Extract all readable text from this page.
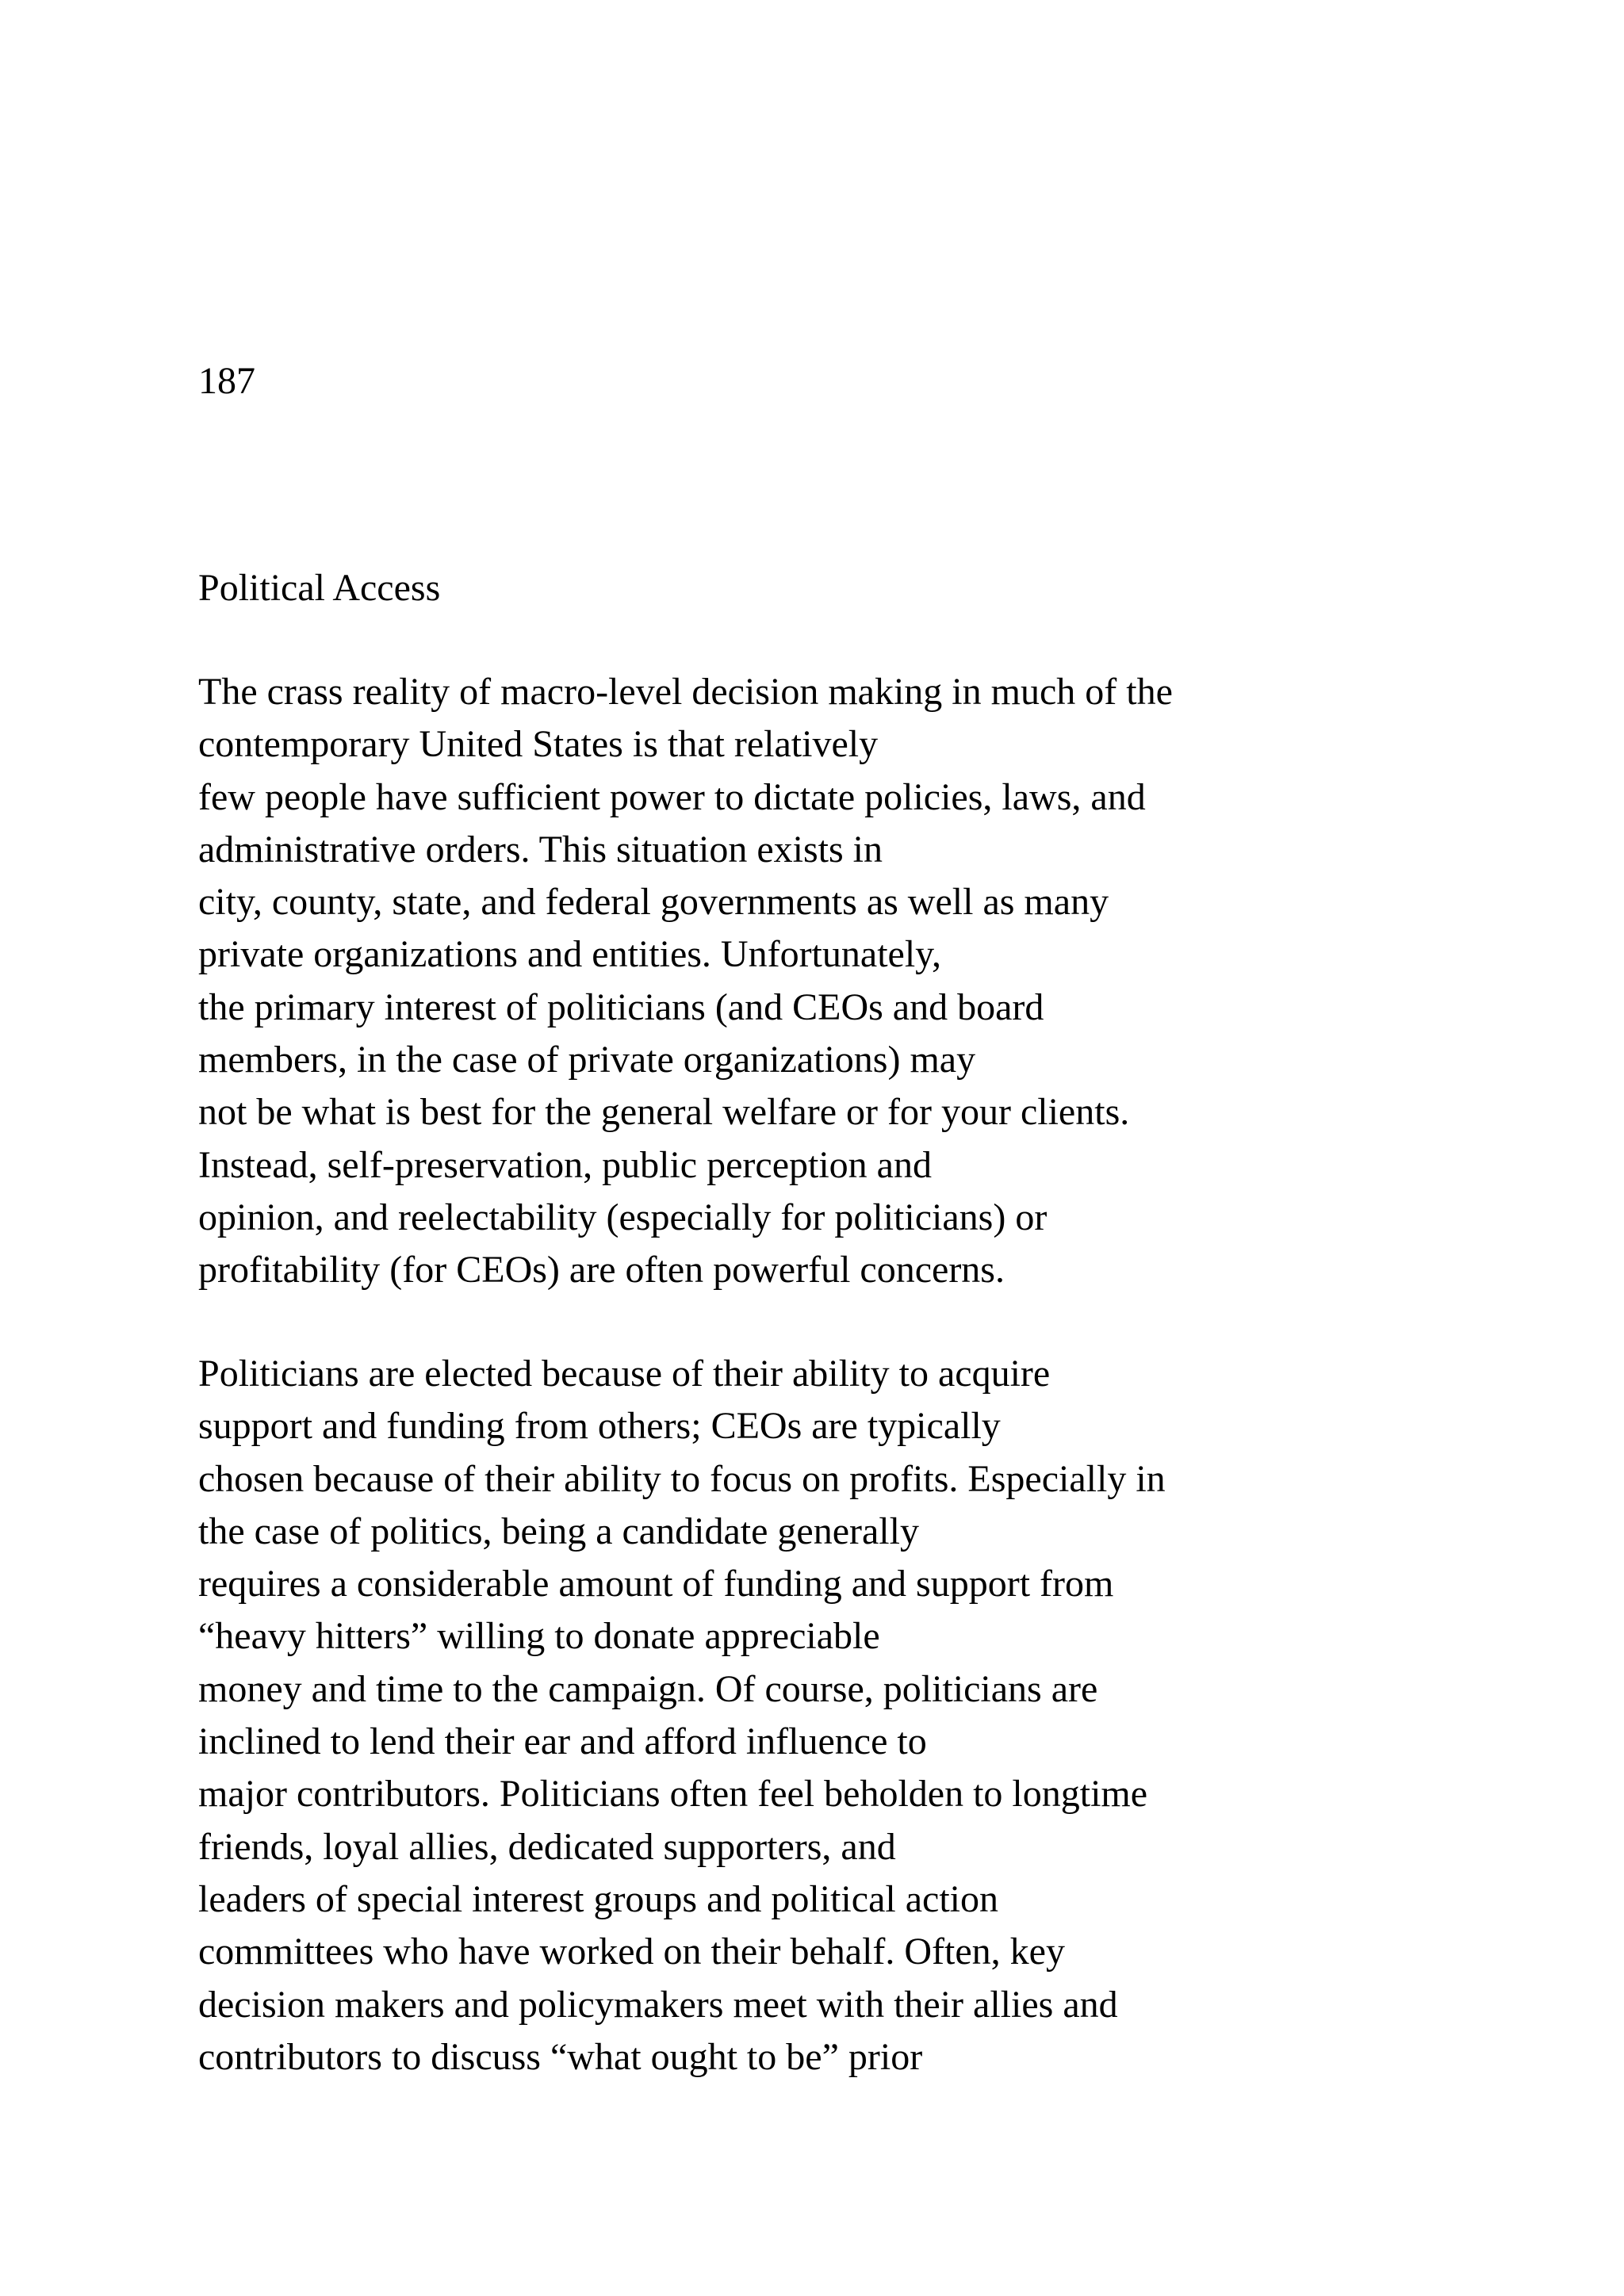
187
Political Access
The crass reality of macro-level decision making in much of the
contemporary United States is that relatively
few people have sufficient power to dictate policies, laws, and
administrative orders. This situation exists in
city, county, state, and federal governments as well as many
private organizations and entities. Unfortunately,
the primary interest of politicians (and CEOs and board
members, in the case of private organizations) may
not be what is best for the general welfare or for your clients.
Instead, self-preservation, public perception and
opinion, and reelectability (especially for politicians) or
profitability (for CEOs) are often powerful concerns.
Politicians are elected because of their ability to acquire
support and funding from others; CEOs are typically
chosen because of their ability to focus on profits. Especially in
the case of politics, being a candidate generally
requires a considerable amount of funding and support from
“heavy hitters” willing to donate appreciable
money and time to the campaign. Of course, politicians are
inclined to lend their ear and afford influence to
major contributors. Politicians often feel beholden to longtime
friends, loyal allies, dedicated supporters, and
leaders of special interest groups and political action
committees who have worked on their behalf. Often, key
decision makers and policymakers meet with their allies and
contributors to discuss “what ought to be” prior
